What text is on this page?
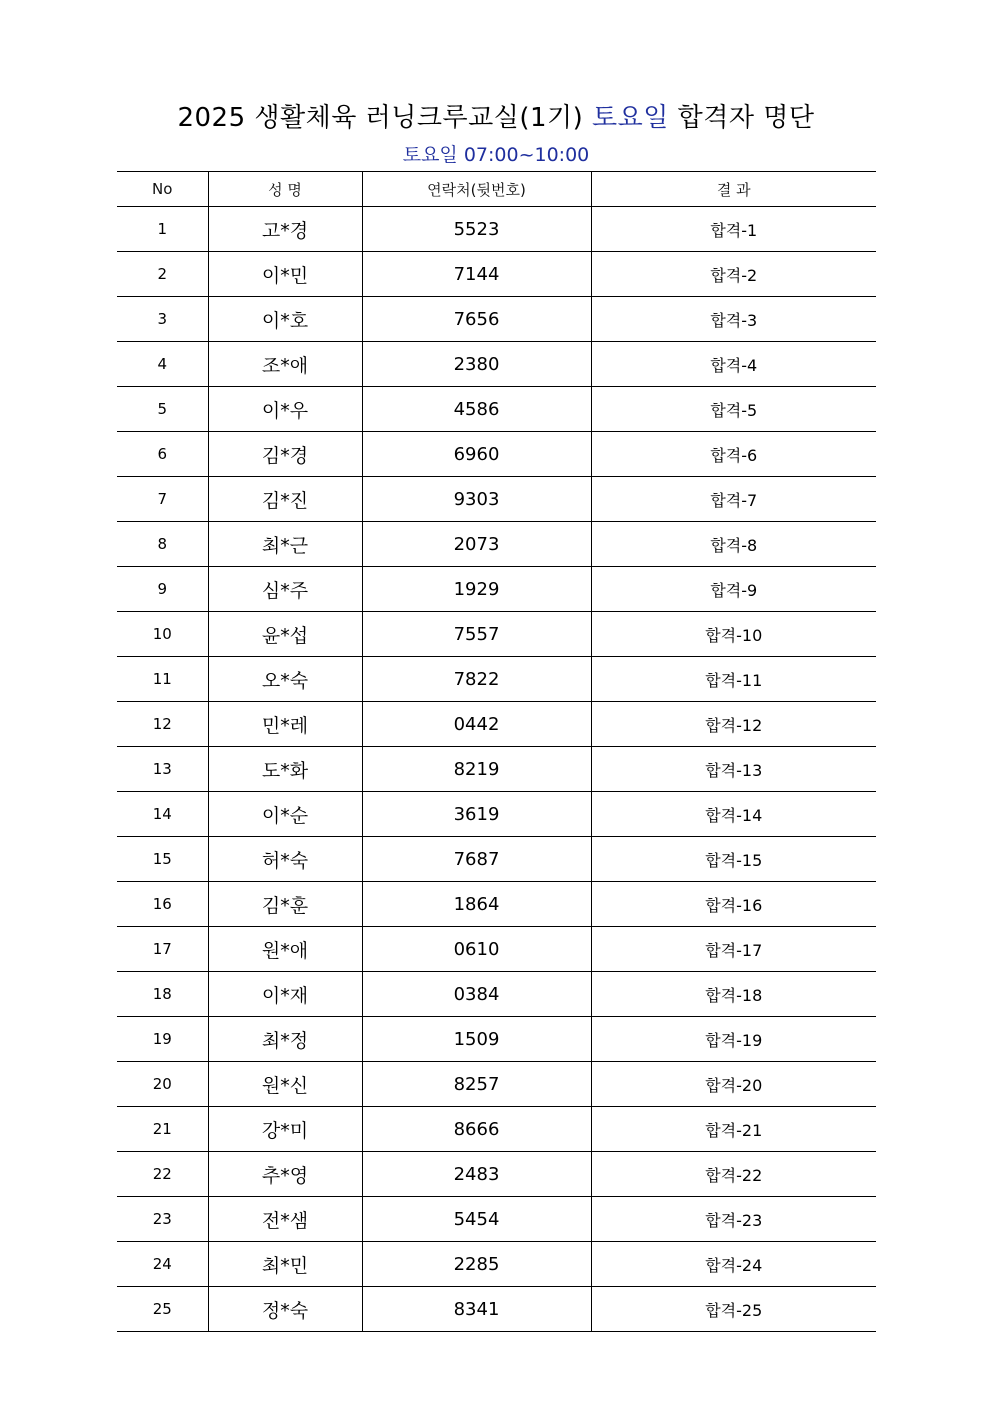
2025 생활체육 러닝크루교실(1기) 토요일 합격자 명단
토요일 07:00~10:00
No	성 명	연락처(뒷번호)	결 과
1	고*경	5523	합격-1
2	이*민	7144	합격-2
3	이*호	7656	합격-3
4	조*애	2380	합격-4
5	이*우	4586	합격-5
6	김*경	6960	합격-6
7	김*진	9303	합격-7
8	최*근	2073	합격-8
9	심*주	1929	합격-9
10	윤*섭	7557	합격-10
11	오*숙	7822	합격-11
12	민*레	0442	합격-12
13	도*화	8219	합격-13
14	이*순	3619	합격-14
15	허*숙	7687	합격-15
16	김*훈	1864	합격-16
17	원*애	0610	합격-17
18	이*재	0384	합격-18
19	최*정	1509	합격-19
20	원*신	8257	합격-20
21	강*미	8666	합격-21
22	추*영	2483	합격-22
23	전*샘	5454	합격-23
24	최*민	2285	합격-24
25	정*숙	8341	합격-25
